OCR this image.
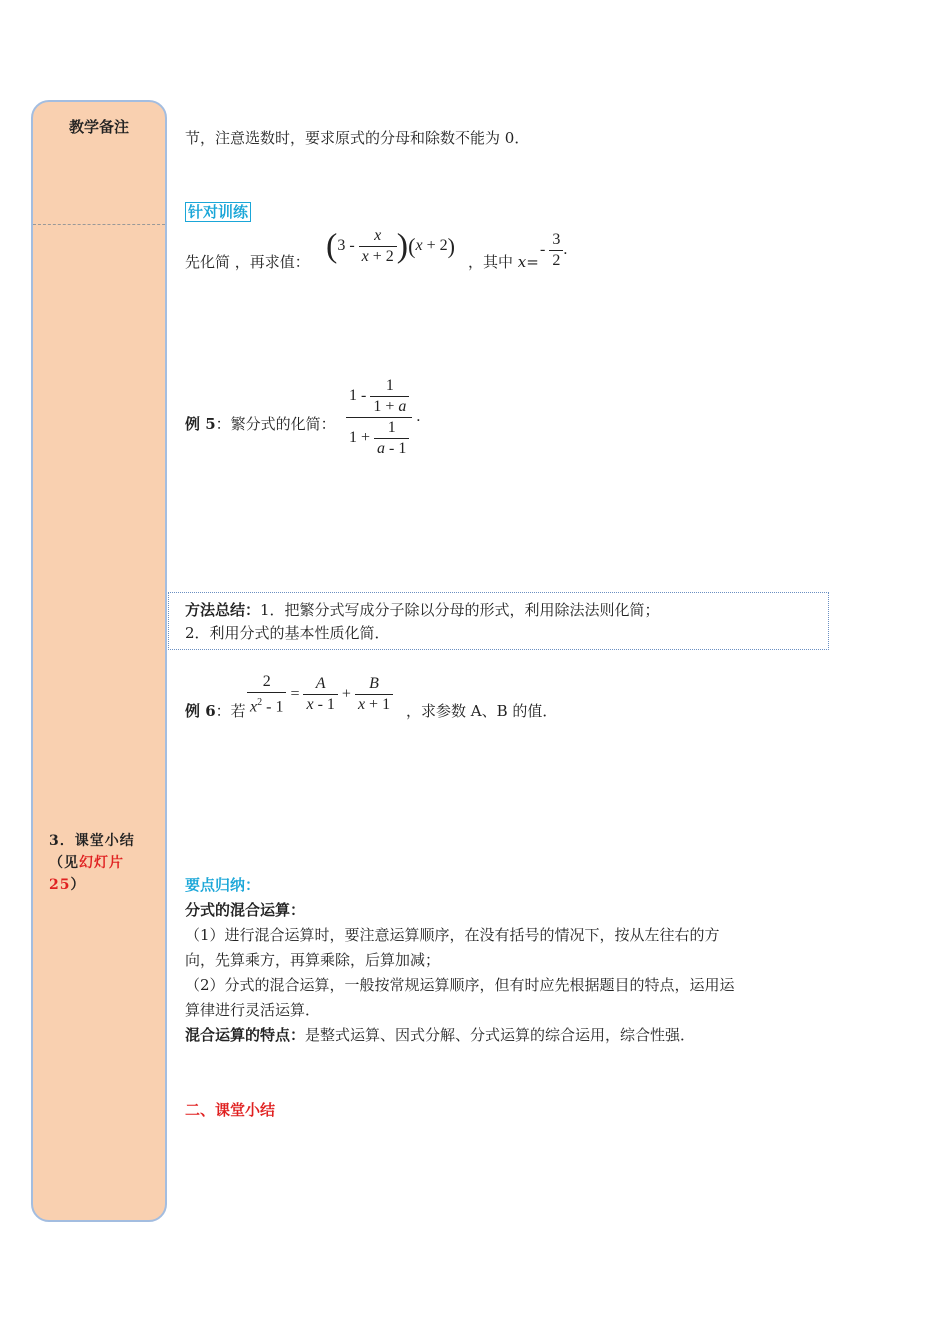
教学备注
3．课堂小结
（见幻灯片
25）
节，注意选数时，要求原式的分母和除数不能为 0．
针对训练
先化简 ，再求值： $(3 - \frac{x}{x + 2} )(x + 2)$
，其中 x=
- $\frac{3}{2}$ .
例 5：繁分式的化简： $\frac{1 - \frac{1}{1 + a}}{1 + \frac{1}{a - 1}}$ .
方法总结：1．把繁分式写成分子除以分母的形式，利用除法法则化简；
2．利用分式的基本性质化简．
例 6：若 $\frac{2}{x^2 - 1} = \frac{A}{x - 1} + \frac{B}{x + 1}$ ，求参数 A、B 的值．
要点归纳：
分式的混合运算：
（1）进行混合运算时，要注意运算顺序，在没有括号的情况下，按从左往右的方
向，先算乘方，再算乘除，后算加减；
（2）分式的混合运算，一般按常规运算顺序，但有时应先根据题目的特点，运用运
算律进行灵活运算．
混合运算的特点：是整式运算、因式分解、分式运算的综合运用，综合性强．
二、课堂小结
